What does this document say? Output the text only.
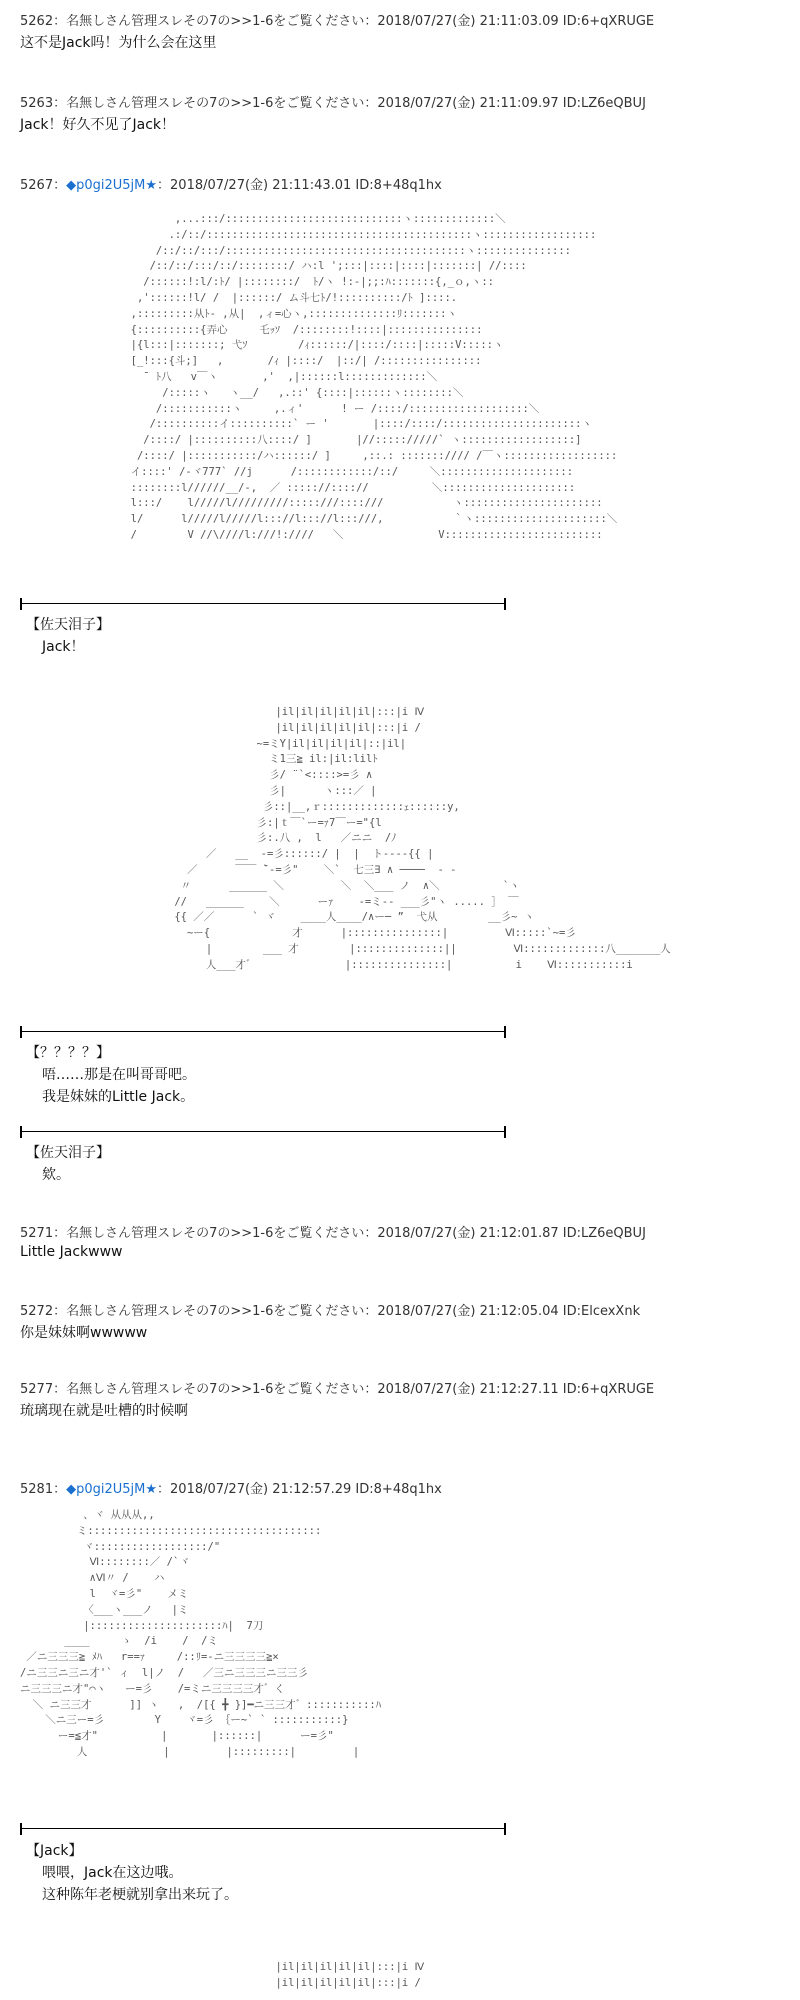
5262：名無しさん管理スレその7の>>1-6をご覧ください：2018/07/27(金) 21:11:03.09 ID:6+qXRUGE
这不是Jack吗！为什么会在这里
5263：名無しさん管理スレその7の>>1-6をご覧ください：2018/07/27(金) 21:11:09.97 ID:LZ6eQBUJ
Jack！好久不见了Jack！
5267：◆p0gi2U5jM★：2018/07/27(金) 21:11:43.01 ID:8+48q1hx
,...:::/::::::::::::::::::::::::::::ヽ:::::::::::::＼
.:/::/::::::::::::::::::::::::::::::::::::::::::ヽ::::::::::::::::::
/::/::/:::/::::::::::::::::::::::::::::::::::::::ヽ:::::::::::::::
/::/::/:::/::/::::::::/ ハ:l ';:::|::::|::::|:::::::| //::::
/::::::!:l/:ﾄ/ |::::::::/  ﾄ/ヽ !:-|;;:ﾊ:::::::{,_ｏ,ヽ::
,'::::::!l/ /  |::::::/ ム斗七ﾄ/!::::::::::/ﾄ ]::::.
,:::::::::从ﾄ- ,从|  ,ィ=心ヽ,::::::::::::::ﾘ:::::::ヽ
{::::::::::{弄心     乇ｯｿ  /::::::::!::::|:::::::::::::::
|{l:::|:::::::; 弋ｿ        /ｨ::::::/|::::/::::|:::::V:::::ヽ
[_!:::{斗;]   ,       /ｨ |::::/  |::/| /::::::::::::::::
̄  ﾄ八   v￣ヽ       ,'  ,|::::::l:::::::::::::＼
/:::::ヽ   ヽ__/   ,.::' {::::|::::::ヽ::::::::＼
/:::::::::::ヽ     ,.ィ'      ! ー /::::/:::::::::::::::::::＼
/::::::::::イ::::::::::` ー '       |::::/::::/::::::::::::::::::::::ヽ
/::::/ |::::::::::八::::/ ]       |//::::://///` ヽ::::::::::::::::::]
/::::/ |:::::::::::/ハ::::::/ ]     ,::.: ::::::://// /￣ヽ::::::::::::::::::
イ::::' /-ヾ777` //j      /::::::::::::/::/     ＼:::::::::::::::::::::
::::::::l//////__/-,  ／ ::::://:::://          ＼:::::::::::::::::::::
l:::/    l/////l/////////:::::///::::///           ヽ::::::::::::::::::::::
l/      l/////l/////l::://l::://l:::///,           ｀ヽ:::::::::::::::::::::＼
/        V //\////l:///!:////   ＼               V:::::::::::::::::::::::::
【佐天泪子】
Jack！
|il|il|il|il|il|:::|i Ⅳ
|il|il|il|il|il|:::|i /
~=ミY|il|il|il|il|::|il|
ミ1三≧ il:|il:lilﾄ
彡/ ¨`<::::>=彡 ∧
彡|      ヽ:::／ |
彡::|__,ｒ:::::::::::::ｪ::::::y,
彡:|ｔ￣`ー=ｧ7￣ー="{l
彡:.八 ,  l   ／ニニ  /ﾉ
／   __  -=彡::::::/ |  |  ト----{{ |
／      ￣￣ ̄`-=彡"    ＼`  七三∃ ∧ ────  - -
〃      ______ ＼         ＼  ＼___ ノ  ∧＼          `ヽ
//   ______    ＼      ーｧ    -=ミ-- ___彡"ヽ ..... ］ ￣
{{ ／／      ` ヾ    ____人____/∧ー─ ”  弋从        __彡~ ヽ
~ー{             才      |:::::::::::::::|         Ⅵ:::::`~=彡
|        ___ 才        |::::::::::::::||         Ⅵ:::::::::::::八_______人
人___才゛              |:::::::::::::::|          i    Ⅵ:::::::::::i
【？？？？】
唔……那是在叫哥哥吧。
我是妹妹的Little Jack。
【佐天泪子】
欸。
5271：名無しさん管理スレその7の>>1-6をご覧ください：2018/07/27(金) 21:12:01.87 ID:LZ6eQBUJ
Little Jackwww
5272：名無しさん管理スレその7の>>1-6をご覧ください：2018/07/27(金) 21:12:05.04 ID:ElcexXnk
你是妹妹啊wwwww
5277：名無しさん管理スレその7の>>1-6をご覧ください：2018/07/27(金) 21:12:27.11 ID:6+qXRUGE
琉璃现在就是吐槽的时候啊
5281：◆p0gi2U5jM★：2018/07/27(金) 21:12:57.29 ID:8+48q1hx
、ヾ 从从从,,
ミ:::::::::::::::::::::::::::::::::::::
ヾ::::::::::::::::::/"
Ⅵ::::::::／ /`ヾ
∧Ⅵ〃 /    ハ
l  ヾ=彡"    メミ
〈___ヽ___ノ   |ミ
|:::::::::::::::::::::ﾊ|  7刀
____     ゝ  /i    /  /ミ
／ニ三三三≧ ﾒﾊ   r==ｧ     /::ﾘ=-ニ三三三三≧×
/ニ三三ニ三ニ才'` ィ  l|ノ  /   ／三ニ三三三ニ三三彡
ニ三三三ニ才"⌒ヽ   ー=彡    /=ミニ三三三三才゛く
＼ ニ三三才      ]] ヽ   ,  /[{ ╋ }]━ニ三三才゛:::::::::::ﾊ
＼ニ三ー=彡        Y    ヾ=彡 ｛ー~` ` :::::::::::}
ー=≦才"          |       |::::::|      ー=彡"
人            |         |:::::::::|         |
【Jack】
喂喂，Jack在这边哦。
这种陈年老梗就别拿出来玩了。
|il|il|il|il|il|:::|i Ⅳ
|il|il|il|il|il|:::|i /
